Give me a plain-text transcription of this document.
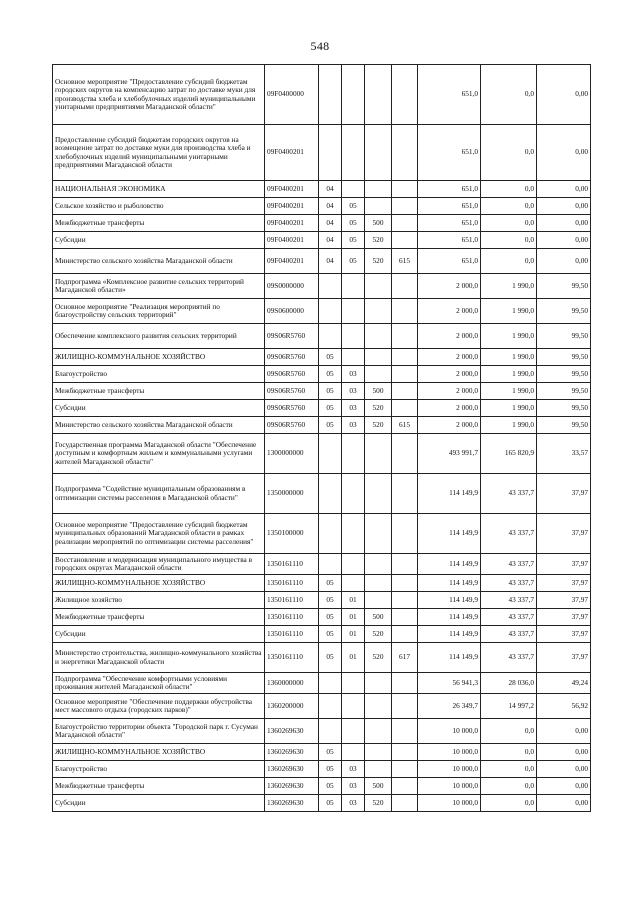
548
Основное мероприятие "Предоставление субсидий бюджетам городских округов на компенсацию затрат по доставке муки для производства хлеба и хлебобулочных изделий муниципальными унитарными предприятиями Магаданской области"	09F0400000					651,0	0,0	0,00
Предоставление субсидий бюджетам городских округов на возмещение затрат по доставке муки для производства хлеба и хлебобулочных изделий муниципальными унитарными предприятиями Магаданской области	09F0400201					651,0	0,0	0,00
НАЦИОНАЛЬНАЯ ЭКОНОМИКА	09F0400201	04				651,0	0,0	0,00
Сельское хозяйство и рыболовство	09F0400201	04	05			651,0	0,0	0,00
Межбюджетные трансферты	09F0400201	04	05	500		651,0	0,0	0,00
Субсидии	09F0400201	04	05	520		651,0	0,0	0,00
Министерство сельского хозяйства Магаданской области	09F0400201	04	05	520	615	651,0	0,0	0,00
Подпрограмма «Комплексное развитие сельских территорий Магаданской области»	09S0000000					2 000,0	1 990,0	99,50
Основное мероприятие "Реализация мероприятий по благоустройству сельских территорий"	09S0600000					2 000,0	1 990,0	99,50
Обеспечение комплексного развития сельских территорий	09S06R5760					2 000,0	1 990,0	99,50
ЖИЛИЩНО-КОММУНАЛЬНОЕ ХОЗЯЙСТВО	09S06R5760	05				2 000,0	1 990,0	99,50
Благоустройство	09S06R5760	05	03			2 000,0	1 990,0	99,50
Межбюджетные трансферты	09S06R5760	05	03	500		2 000,0	1 990,0	99,50
Субсидии	09S06R5760	05	03	520		2 000,0	1 990,0	99,50
Министерство сельского хозяйства Магаданской области	09S06R5760	05	03	520	615	2 000,0	1 990,0	99,50
Государственная программа Магаданской области "Обеспечение доступным и комфортным жильем и коммунальными услугами жителей Магаданской области"	1300000000					493 991,7	165 820,9	33,57
Подпрограмма "Содействие муниципальным образованиям в оптимизации системы расселения в Магаданской области"	1350000000					114 149,9	43 337,7	37,97
Основное мероприятие "Предоставление субсидий бюджетам муниципальных образований Магаданской области в рамках реализации мероприятий по оптимизации системы расселения"	1350100000					114 149,9	43 337,7	37,97
Восстановление и модернизация муниципального имущества в городских округах Магаданской области	1350161110					114 149,9	43 337,7	37,97
ЖИЛИЩНО-КОММУНАЛЬНОЕ ХОЗЯЙСТВО	1350161110	05				114 149,9	43 337,7	37,97
Жилищное хозяйство	1350161110	05	01			114 149,9	43 337,7	37,97
Межбюджетные трансферты	1350161110	05	01	500		114 149,9	43 337,7	37,97
Субсидии	1350161110	05	01	520		114 149,9	43 337,7	37,97
Министерство строительства, жилищно-коммунального хозяйства и энергетики Магаданской области	1350161110	05	01	520	617	114 149,9	43 337,7	37,97
Подпрограмма "Обеспечение комфортными условиями проживания жителей Магаданской области"	1360000000					56 941,3	28 036,0	49,24
Основное мероприятие "Обеспечение поддержки обустройства мест массового отдыха (городских парков)"	1360200000					26 349,7	14 997,2	56,92
Благоустройство территории объекта "Городской парк г. Сусуман Магаданской области"	1360269630					10 000,0	0,0	0,00
ЖИЛИЩНО-КОММУНАЛЬНОЕ ХОЗЯЙСТВО	1360269630	05				10 000,0	0,0	0,00
Благоустройство	1360269630	05	03			10 000,0	0,0	0,00
Межбюджетные трансферты	1360269630	05	03	500		10 000,0	0,0	0,00
Субсидии	1360269630	05	03	520		10 000,0	0,0	0,00
